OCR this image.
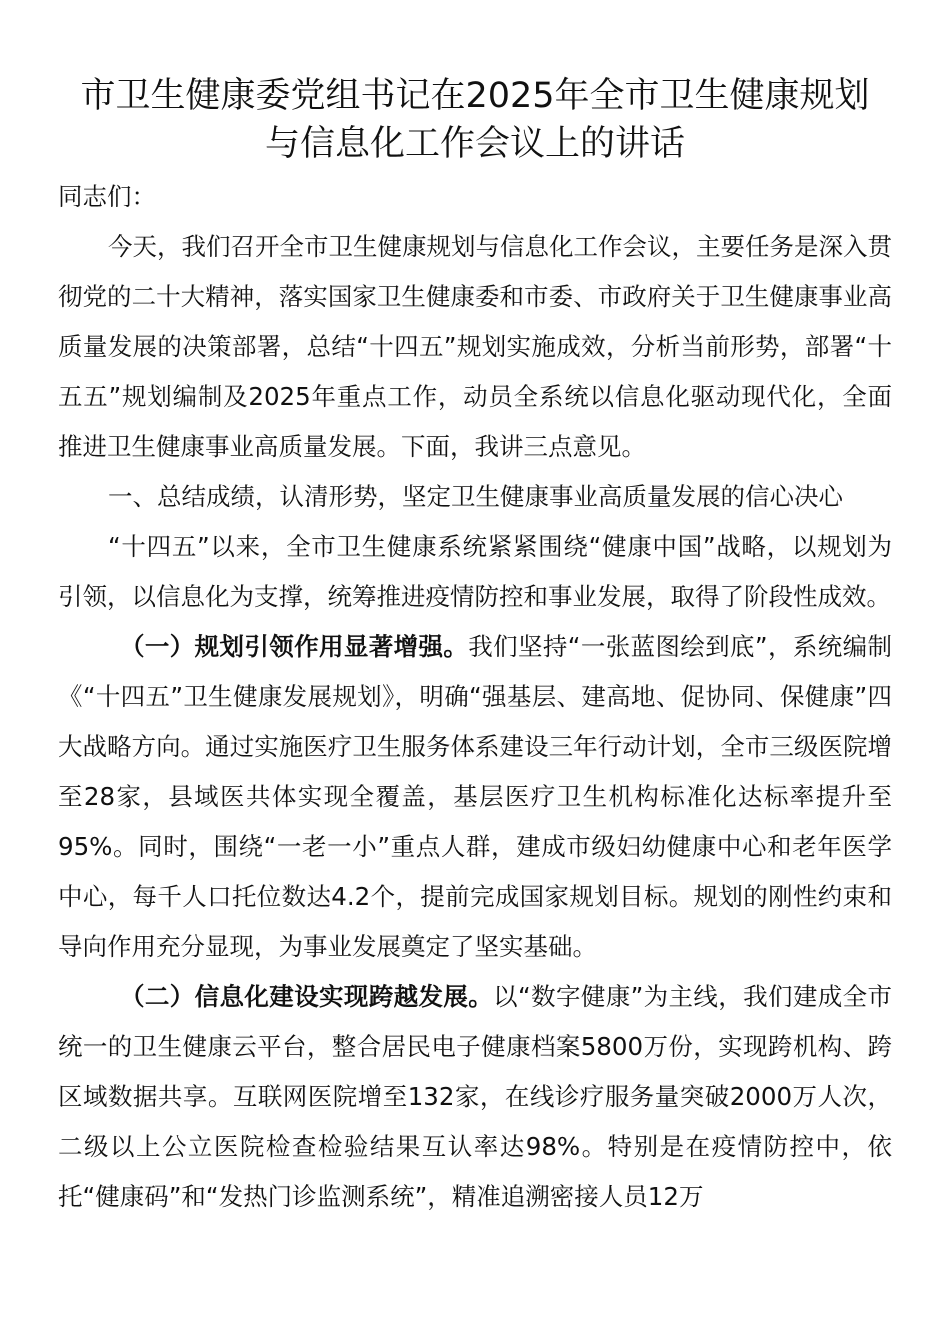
市卫生健康委党组书记在2025年全市卫生健康规划
与信息化工作会议上的讲话

同志们：

今天，我们召开全市卫生健康规划与信息化工作会议，主要任务是深入贯彻党的二十大精神，落实国家卫生健康委和市委、市政府关于卫生健康事业高质量发展的决策部署，总结“十四五”规划实施成效，分析当前形势，部署“十五五”规划编制及2025年重点工作，动员全系统以信息化驱动现代化，全面推进卫生健康事业高质量发展。下面，我讲三点意见。

一、总结成绩，认清形势，坚定卫生健康事业高质量发展的信心决心

“十四五”以来，全市卫生健康系统紧紧围绕“健康中国”战略，以规划为引领，以信息化为支撑，统筹推进疫情防控和事业发展，取得了阶段性成效。

（一）规划引领作用显著增强。我们坚持“一张蓝图绘到底”，系统编制《“十四五”卫生健康发展规划》，明确“强基层、建高地、促协同、保健康”四大战略方向。通过实施医疗卫生服务体系建设三年行动计划，全市三级医院增至28家，县域医共体实现全覆盖，基层医疗卫生机构标准化达标率提升至95%。同时，围绕“一老一小”重点人群，建成市级妇幼健康中心和老年医学中心，每千人口托位数达4.2个，提前完成国家规划目标。规划的刚性约束和导向作用充分显现，为事业发展奠定了坚实基础。

（二）信息化建设实现跨越发展。以“数字健康”为主线，我们建成全市统一的卫生健康云平台，整合居民电子健康档案5800万份，实现跨机构、跨区域数据共享。互联网医院增至132家，在线诊疗服务量突破2000万人次，二级以上公立医院检查检验结果互认率达98%。特别是在疫情防控中，依托“健康码”和“发热门诊监测系统”，精准追溯密接人员12万
